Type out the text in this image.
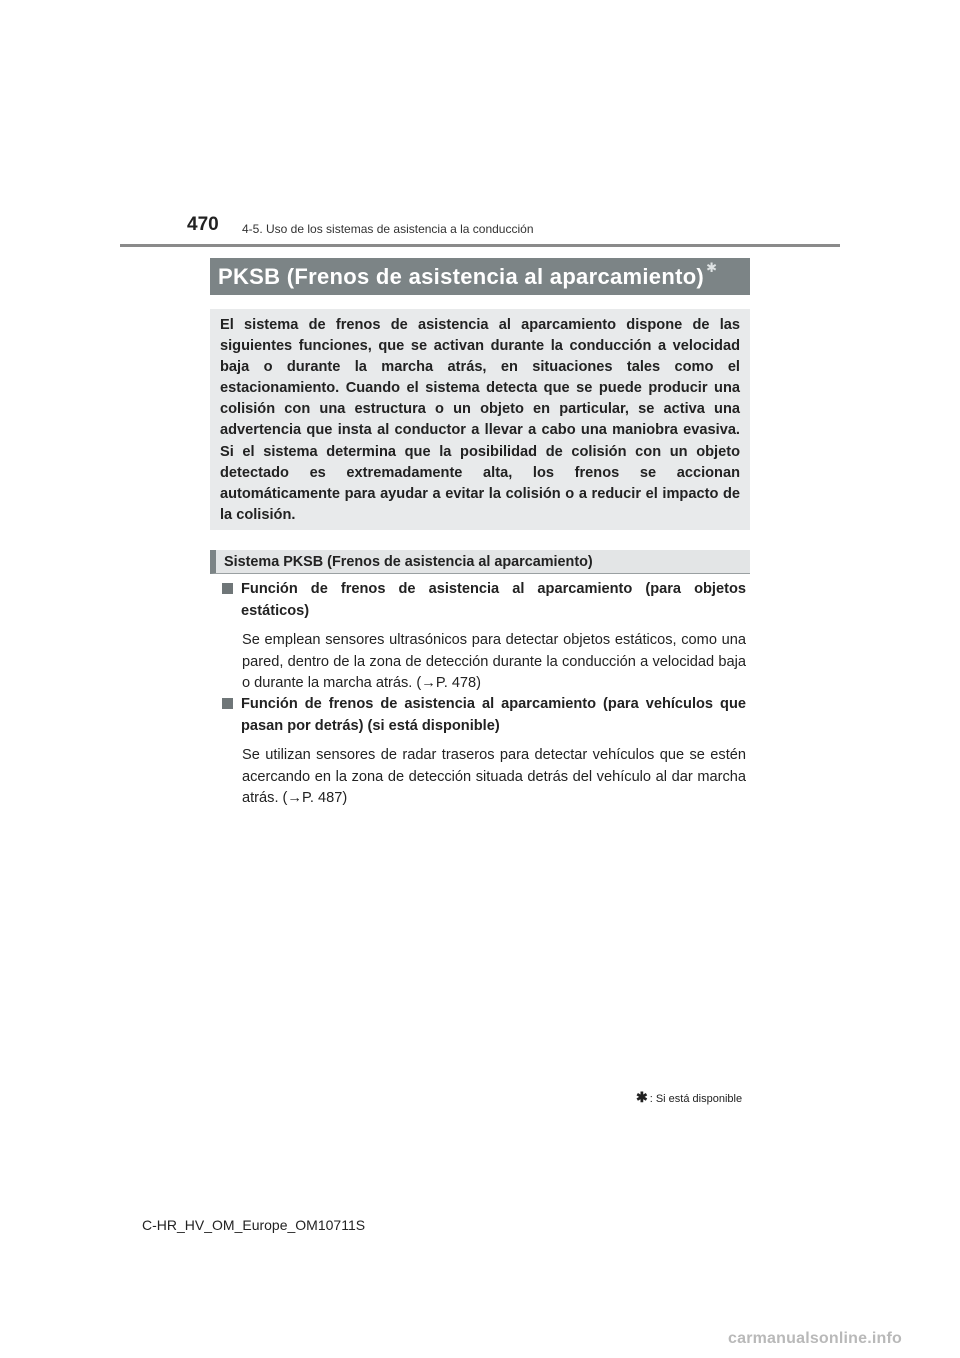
470 4-5. Uso de los sistemas de asistencia a la conducción
PKSB (Frenos de asistencia al aparcamiento) ✱

El sistema de frenos de asistencia al aparcamiento dispone de las siguientes funciones, que se activan durante la conducción a velocidad baja o durante la marcha atrás, en situaciones tales como el estacionamiento. Cuando el sistema detecta que se puede producir una colisión con una estructura o un objeto en particular, se activa una advertencia que insta al conductor a llevar a cabo una maniobra evasiva. Si el sistema determina que la posibilidad de colisión con un objeto detectado es extremadamente alta, los frenos se accionan automáticamente para ayudar a evitar la colisión o a reducir el impacto de la colisión.

Sistema PKSB (Frenos de asistencia al aparcamiento)

Función de frenos de asistencia al aparcamiento (para objetos estáticos)

Se emplean sensores ultrasónicos para detectar objetos estáticos, como una pared, dentro de la zona de detección durante la conducción a velocidad baja o durante la marcha atrás. (→P. 478)

Función de frenos de asistencia al aparcamiento (para vehículos que pasan por detrás) (si está disponible)

Se utilizan sensores de radar traseros para detectar vehículos que se estén acercando en la zona de detección situada detrás del vehículo al dar marcha atrás. (→P. 487)

✱ : Si está disponible
C-HR_HV_OM_Europe_OM10711S
carmanualsonline.info
